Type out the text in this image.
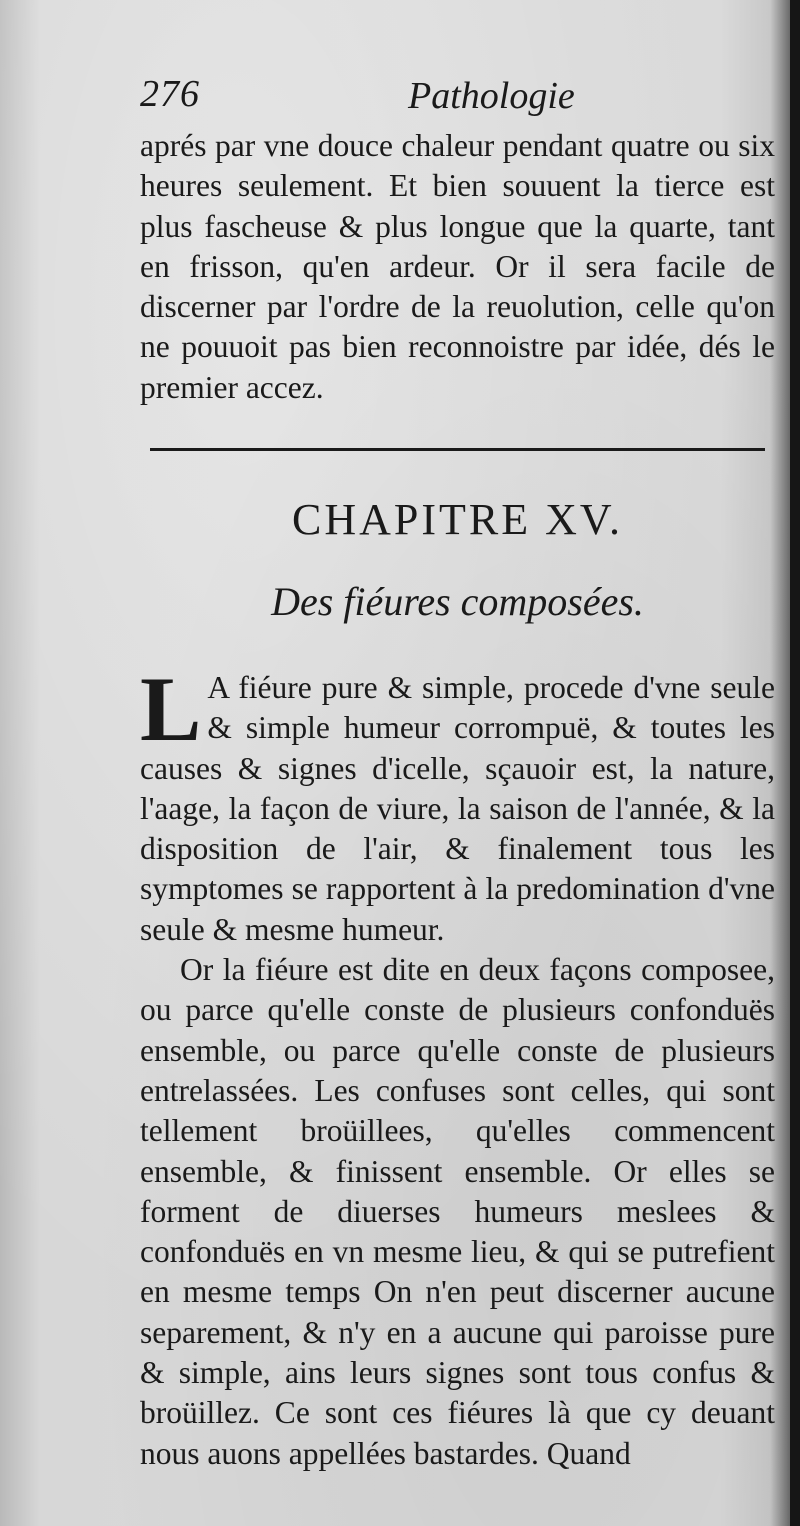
276	Pathologie

aprés par vne douce chaleur pendant quatre ou six heures seulement. Et bien souuent la tierce est plus fascheuse & plus longue que la quarte, tant en frisson, qu'en ardeur. Or il sera facile de discerner par l'ordre de la reuolution, celle qu'on ne pouuoit pas bien reconnoistre par idée, dés le premier accez.

CHAPITRE XV.
Des fiéures composées.

L A fiéure pure & simple, procede d'vne seule & simple humeur corrompuë, & toutes les causes & signes d'icelle, sçauoir est, la nature, l'aage, la façon de viure, la saison de l'année, & la disposition de l'air, & finalement tous les symptomes se rapportent à la predomination d'vne seule & mesme humeur.

Or la fiéure est dite en deux façons composee, ou parce qu'elle conste de plusieurs confonduës ensemble, ou parce qu'elle conste de plusieurs entrelassées. Les confuses sont celles, qui sont tellement broüillees, qu'elles commencent ensemble, & finissent ensemble. Or elles se forment de diuerses humeurs meslees & confonduës en vn mesme lieu, & qui se putrefient en mesme temps On n'en peut discerner aucune separement, & n'y en a aucune qui paroisse pure & simple, ains leurs signes sont tous confus & broüillez. Ce sont ces fiéures là que cy deuant nous auons appellées bastardes. Quand
